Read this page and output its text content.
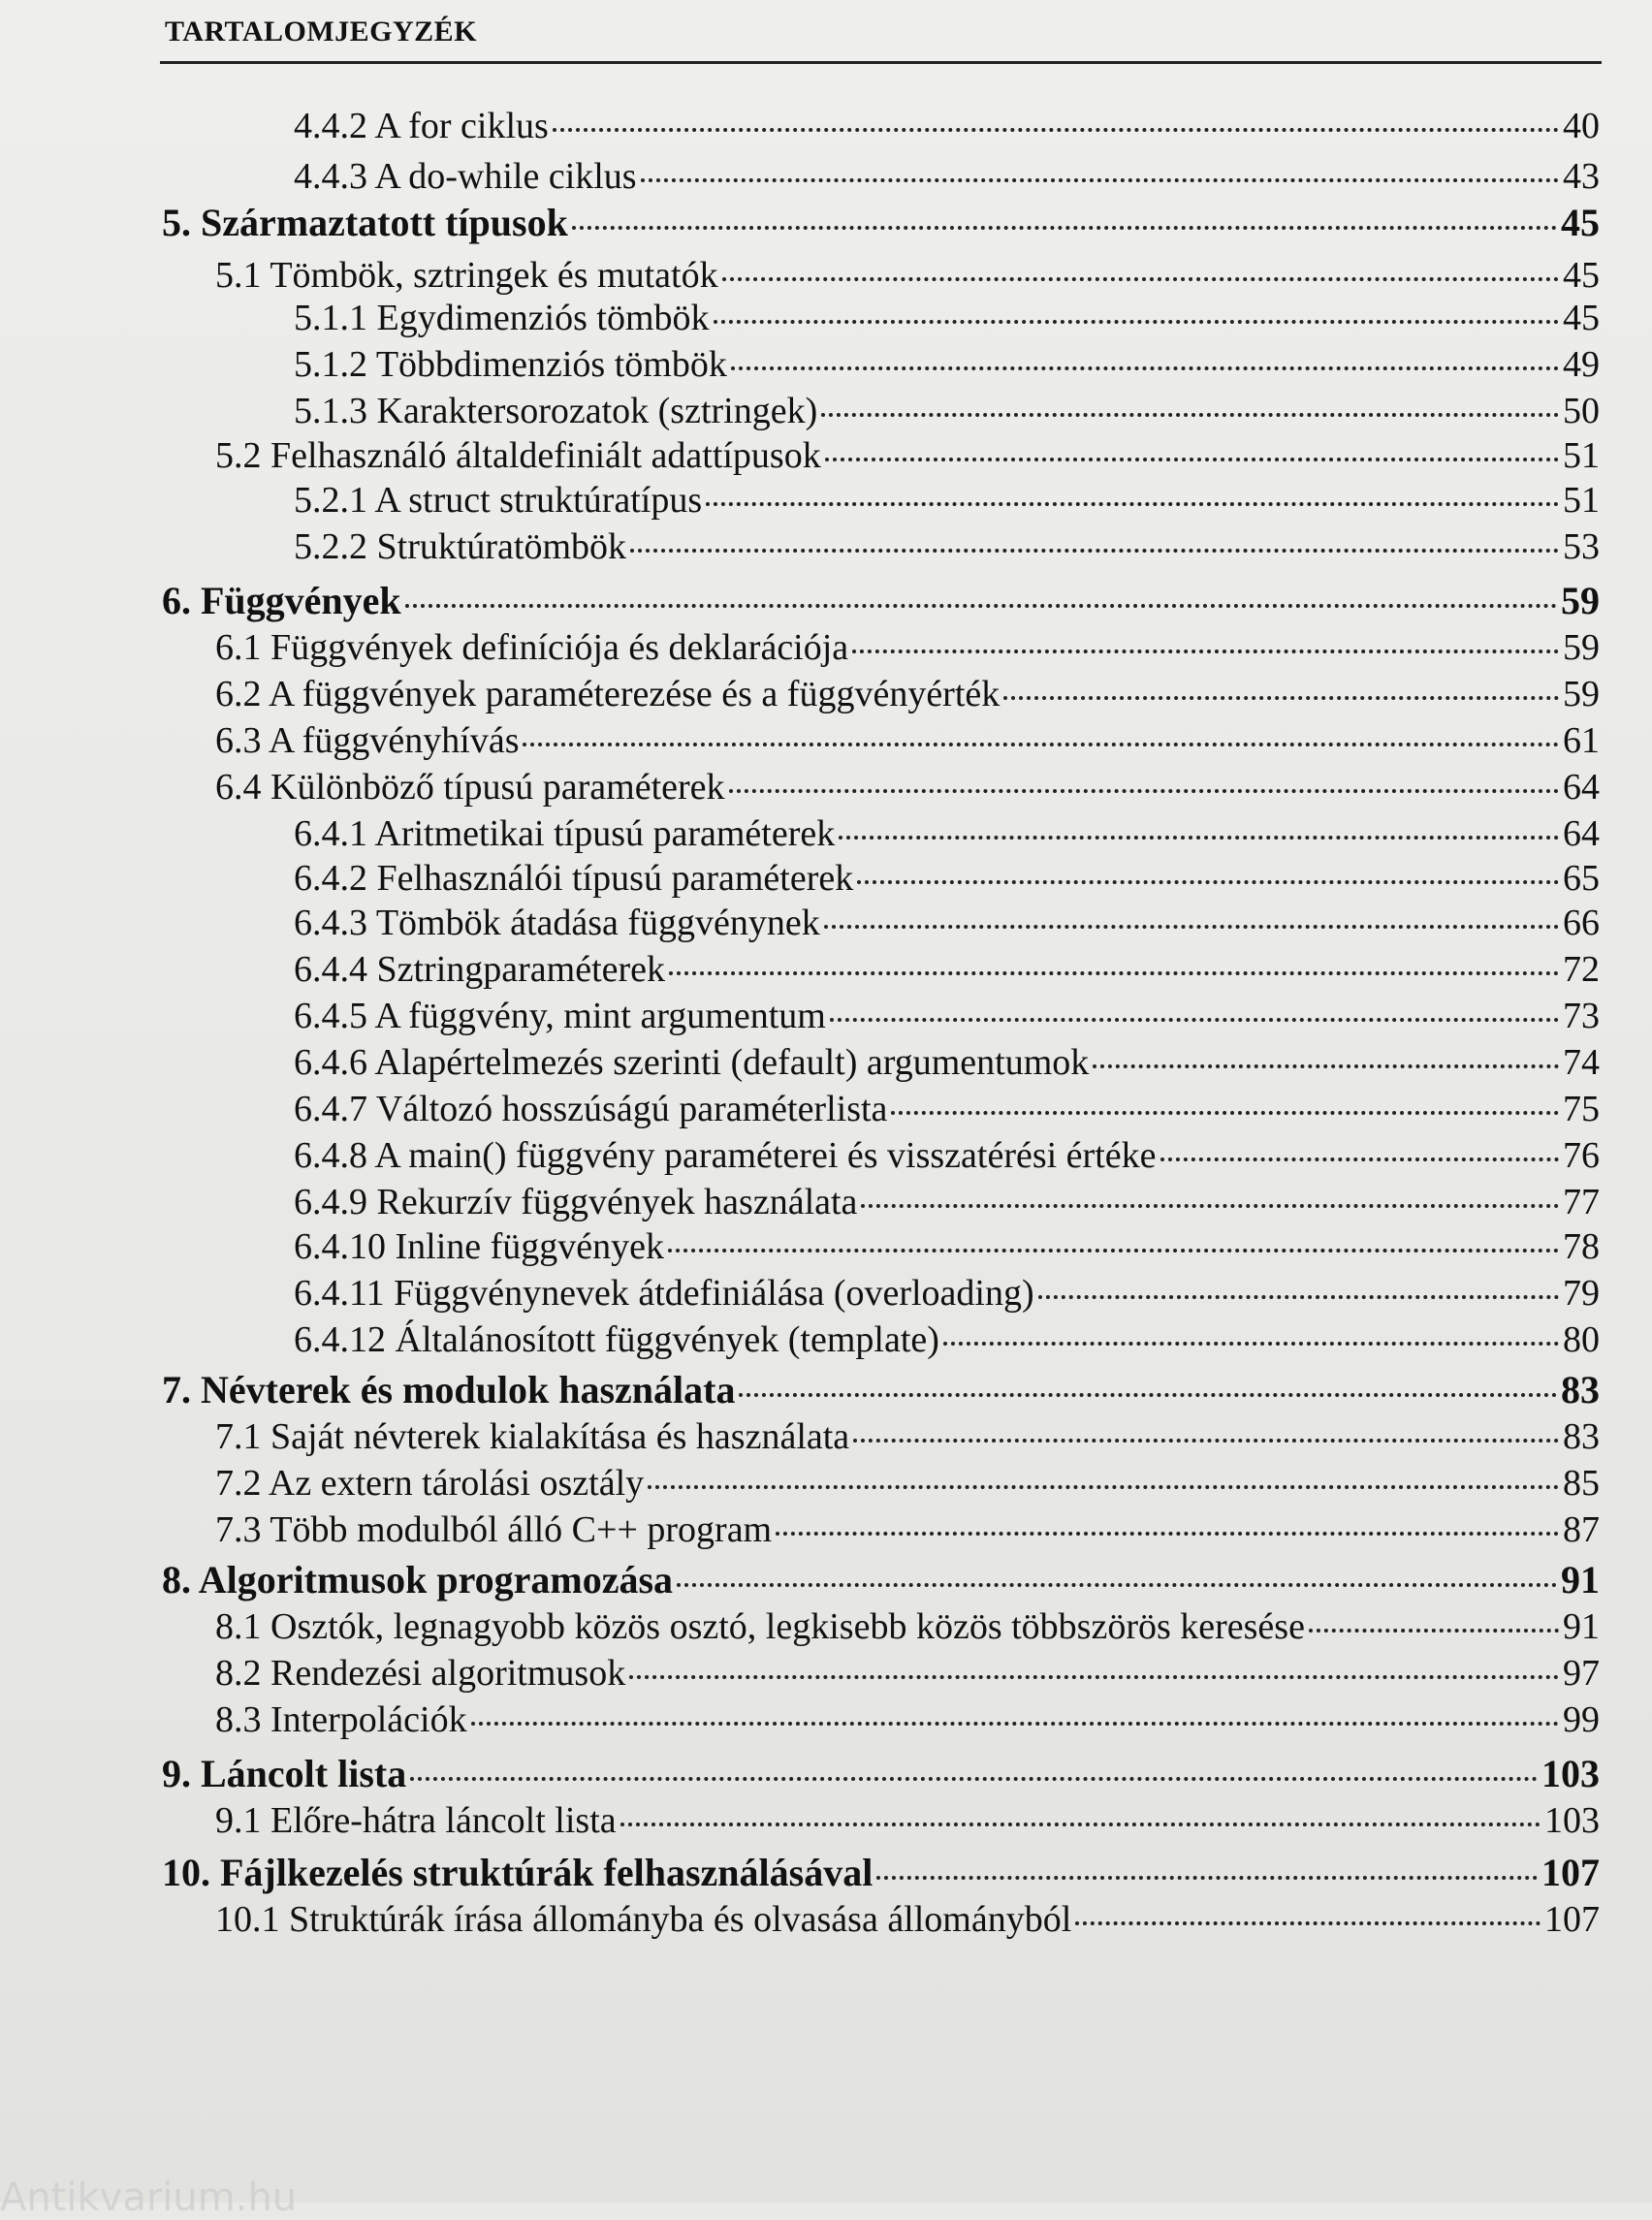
TARTALOMJEGYZÉK
4.4.2 A for ciklus	40
4.4.3 A do-while ciklus	43
5. Származtatott típusok	45
5.1 Tömbök, sztringek és mutatók	45
5.1.1 Egydimenziós tömbök	45
5.1.2 Többdimenziós tömbök	49
5.1.3 Karaktersorozatok (sztringek)	50
5.2 Felhasználó általdefiniált adattípusok	51
5.2.1 A struct struktúratípus	51
5.2.2 Struktúratömbök	53
6. Függvények	59
6.1 Függvények definíciója és deklarációja	59
6.2 A függvények paraméterezése és a függvényérték	59
6.3 A függvényhívás	61
6.4 Különböző típusú paraméterek	64
6.4.1 Aritmetikai típusú paraméterek	64
6.4.2 Felhasználói típusú paraméterek	65
6.4.3 Tömbök átadása függvénynek	66
6.4.4 Sztringparaméterek	72
6.4.5 A függvény, mint argumentum	73
6.4.6 Alapértelmezés szerinti (default) argumentumok	74
6.4.7 Változó hosszúságú paraméterlista	75
6.4.8 A main() függvény paraméterei és visszatérési értéke	76
6.4.9 Rekurzív függvények használata	77
6.4.10 Inline függvények	78
6.4.11 Függvénynevek átdefiniálása (overloading)	79
6.4.12 Általánosított függvények (template)	80
7. Névterek és modulok használata	83
7.1 Saját névterek kialakítása és használata	83
7.2 Az extern tárolási osztály	85
7.3 Több modulból álló C++ program	87
8. Algoritmusok programozása	91
8.1 Osztók, legnagyobb közös osztó, legkisebb közös többszörös keresése	91
8.2 Rendezési algoritmusok	97
8.3 Interpolációk	99
9. Láncolt lista	103
9.1 Előre-hátra láncolt lista	103
10. Fájlkezelés struktúrák felhasználásával	107
10.1 Struktúrák írása állományba és olvasása állományból	107
Antikvarium.hu
